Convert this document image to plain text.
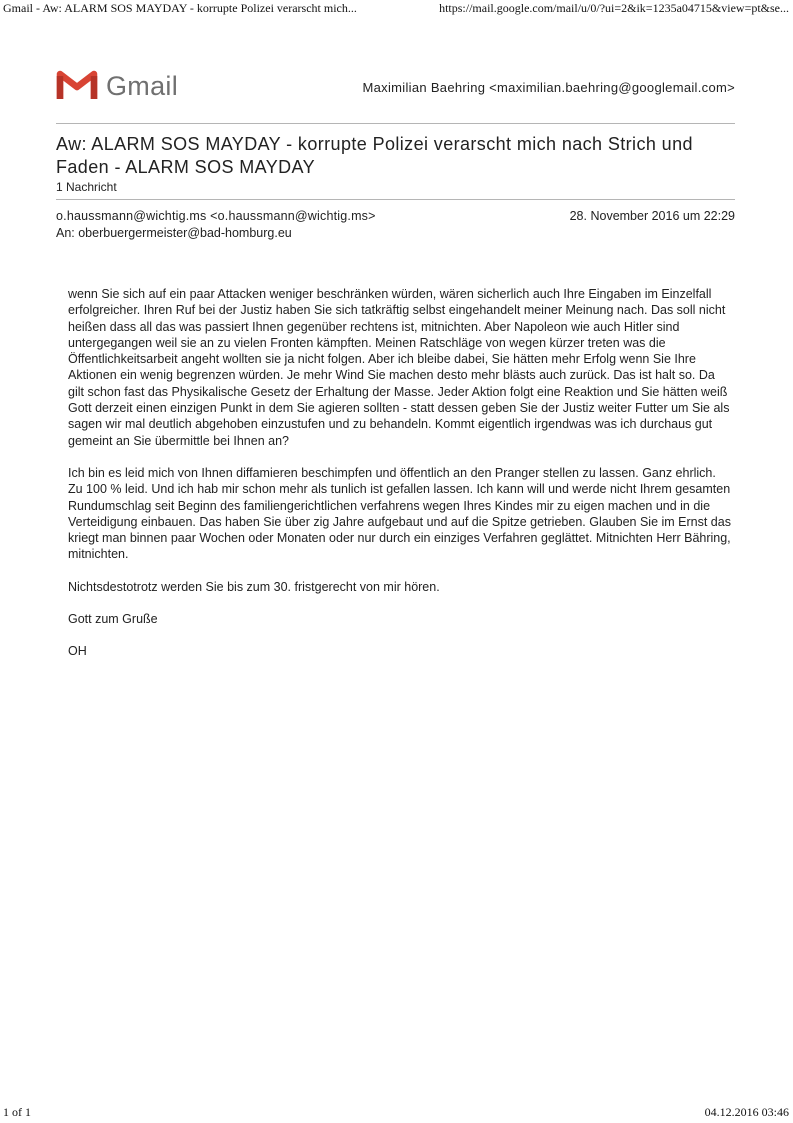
Gmail - Aw: ALARM SOS MAYDAY - korrupte Polizei verarscht mich...	https://mail.google.com/mail/u/0/?ui=2&ik=1235a04715&view=pt&se...
Gmail	Maximilian Baehring <maximilian.baehring@googlemail.com>
Aw: ALARM SOS MAYDAY - korrupte Polizei verarscht mich nach Strich und Faden - ALARM SOS MAYDAY
1 Nachricht
o.haussmann@wichtig.ms <o.haussmann@wichtig.ms>	28. November 2016 um 22:29
An: oberbuergermeister@bad-homburg.eu

wenn Sie sich auf ein paar Attacken weniger beschränken würden, wären sicherlich auch Ihre Eingaben im Einzelfall erfolgreicher. Ihren Ruf bei der Justiz haben Sie sich tatkräftig selbst eingehandelt meiner Meinung nach. Das soll nicht heißen dass all das was passiert Ihnen gegenüber rechtens ist, mitnichten. Aber Napoleon wie auch Hitler sind untergegangen weil sie an zu vielen Fronten kämpften. Meinen Ratschläge von wegen kürzer treten was die Öffentlichkeitsarbeit angeht wollten sie ja nicht folgen. Aber ich bleibe dabei, Sie hätten mehr Erfolg wenn Sie Ihre Aktionen ein wenig begrenzen würden. Je mehr Wind Sie machen desto mehr blästs auch zurück. Das ist halt so. Da gilt schon fast das Physikalische Gesetz der Erhaltung der Masse. Jeder Aktion folgt eine Reaktion und Sie hätten weiß Gott derzeit einen einzigen Punkt in dem Sie agieren sollten - statt dessen geben Sie der Justiz weiter Futter um Sie als sagen wir mal deutlich abgehoben einzustufen und zu behandeln. Kommt eigentlich irgendwas was ich durchaus gut gemeint an Sie übermittle bei Ihnen an?

Ich bin es leid mich von Ihnen diffamieren beschimpfen und öffentlich an den Pranger stellen zu lassen. Ganz ehrlich. Zu 100 % leid. Und ich hab mir schon mehr als tunlich ist gefallen lassen. Ich kann will und werde nicht Ihrem gesamten Rundumschlag seit Beginn des familiengerichtlichen verfahrens wegen Ihres Kindes mir zu eigen machen und in die Verteidigung einbauen. Das haben Sie über zig Jahre aufgebaut und auf die Spitze getrieben. Glauben Sie im Ernst das kriegt man binnen paar Wochen oder Monaten oder nur durch ein einziges Verfahren geglättet. Mitnichten Herr Bähring, mitnichten.

Nichtsdestotrotz werden Sie bis zum 30. fristgerecht von mir hören.

Gott zum Gruße

OH

1 of 1	04.12.2016 03:46
